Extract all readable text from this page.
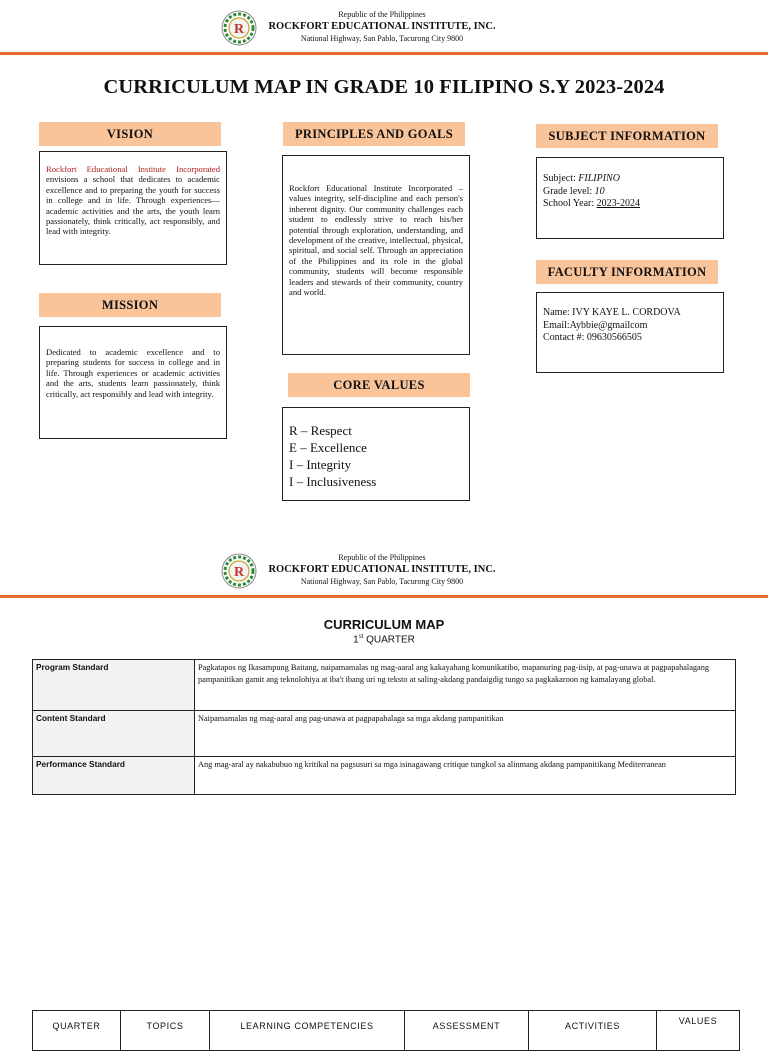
R
Republic of the Philippines
ROCKFORT EDUCATIONAL INSTITUTE, INC.
National Highway, San Pablo, Tacurong City 9800
CURRICULUM MAP IN GRADE 10 FILIPINO S.Y 2023-2024
VISION
Rockfort Educational Institute Incorporated envisions a school that dedicates to academic excellence and to preparing the youth for success in college and in life. Through experiences—academic activities and the arts, the youth learn passionately, think critically, act responsibly, and lead with integrity.
MISSION
Dedicated to academic excellence and to preparing students for success in college and in life. Through experiences or academic activities and the arts, students learn passionately, think critically, act responsibly and lead with integrity.
PRINCIPLES AND GOALS
Rockfort Educational Institute Incorporated – values integrity, self-discipline and each person's inherent dignity. Our community challenges each student to endlessly strive to reach his/her potential through exploration, understanding, and development of the creative, intellectual, physical, spiritual, and social self. Through an appreciation of the Philippines and its role in the global community, students will become responsible leaders and stewards of their community, country and world.
CORE VALUES
R – Respect
E – Excellence
I – Integrity
I – Inclusiveness
SUBJECT INFORMATION
Subject: FILIPINO
Grade level: 10
School Year: 2023-2024
FACULTY INFORMATION
Name: IVY KAYE L. CORDOVA
Email:Aybbie@gmailcom
Contact #: 09630566505
R
Republic of the Philippines
ROCKFORT EDUCATIONAL INSTITUTE, INC.
National Highway, San Pablo, Tacurong City 9800
CURRICULUM MAP
1st QUARTER
Program Standard	Pagkatapos ng Ikasampung Baitang, naipamamalas ng mag-aaral ang kakayahang komunikatibo, mapanuring pag-iisip, at pag-unawa at pagpapahalagang pampanitikan gamit ang teknolohiya at iba't ibang uri ng teksto at saling-akdang pandaigdig tungo sa pagkakaroon ng kamalayang global.
Content Standard	Naipamamalas ng mag-aaral ang pag-unawa at pagpapahalaga sa mga akdang pampanitikan
Performance Standard	Ang mag-aral ay nakabubuo ng kritikal na pagsusuri sa mga isinagawang critique tungkol sa alinmang akdang pampanitikang Mediterranean
QUARTER	TOPICS	LEARNING COMPETENCIES	ASSESSMENT	ACTIVITIES	VALUES
